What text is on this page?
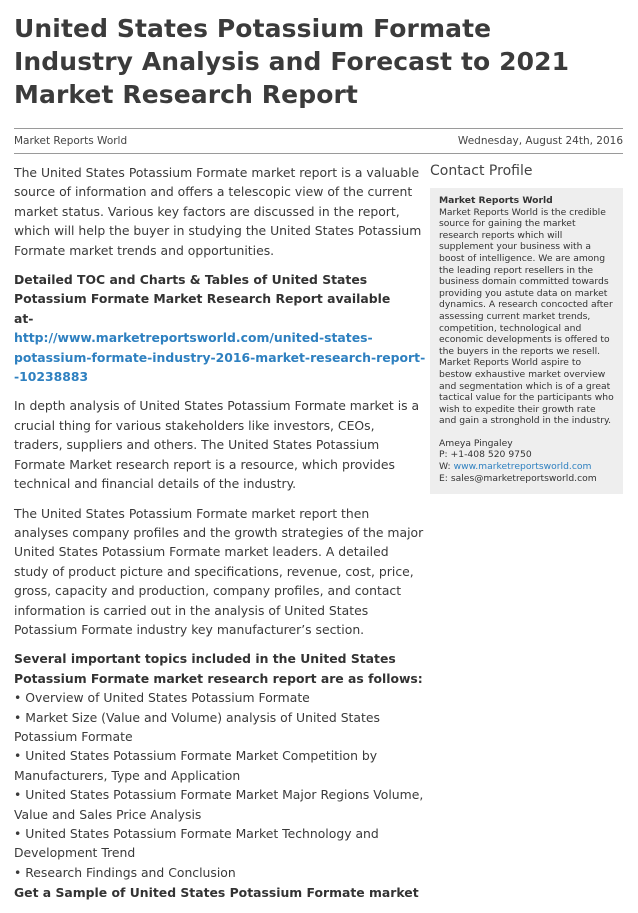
United States Potassium Formate Industry Analysis and Forecast to 2021 Market Research Report
Market Reports World	Wednesday, August 24th, 2016

The United States Potassium Formate market report is a valuable source of information and offers a telescopic view of the current market status. Various key factors are discussed in the report, which will help the buyer in studying the United States Potassium Formate market trends and opportunities.

Detailed TOC and Charts & Tables of United States Potassium Formate Market Research Report available
at-
http://www.marketreportsworld.com/united-states-potassium-formate-industry-2016-market-research-report--10238883

In depth analysis of United States Potassium Formate market is a crucial thing for various stakeholders like investors, CEOs, traders, suppliers and others. The United States Potassium Formate Market research report is a resource, which provides technical and financial details of the industry.

The United States Potassium Formate market report then analyses company profiles and the growth strategies of the major United States Potassium Formate market leaders. A detailed study of product picture and specifications, revenue, cost, price, gross, capacity and production, company profiles, and contact information is carried out in the analysis of United States Potassium Formate industry key manufacturer’s section.

Several important topics included in the United States Potassium Formate market research report are as follows:
• Overview of United States Potassium Formate
• Market Size (Value and Volume) analysis of United States Potassium Formate
• United States Potassium Formate Market Competition by Manufacturers, Type and Application
• United States Potassium Formate Market Major Regions Volume, Value and Sales Price Analysis
• United States Potassium Formate Market Technology and Development Trend
• Research Findings and Conclusion

Get a Sample of United States Potassium Formate market

Contact Profile
Market Reports World
Market Reports World is the credible source for gaining the market research reports which will supplement your business with a boost of intelligence. We are among the leading report resellers in the business domain committed towards providing you astute data on market dynamics. A research concocted after assessing current market trends, competition, technological and economic developments is offered to the buyers in the reports we resell. Market Reports World aspire to bestow exhaustive market overview and segmentation which is of a great tactical value for the participants who wish to expedite their growth rate and gain a stronghold in the industry.
Ameya Pingaley
P: +1-408 520 9750
W: www.marketreportsworld.com
E: sales@marketreportsworld.com
